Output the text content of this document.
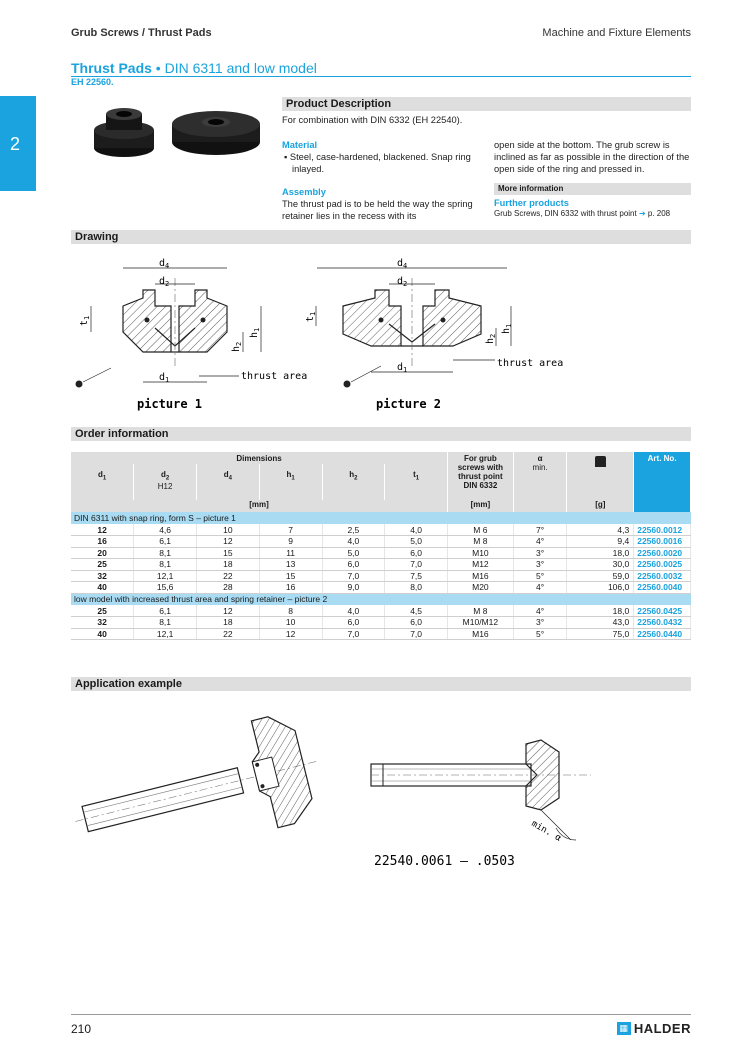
Grub Screws / Thrust Pads	Machine and Fixture Elements
2
Thrust Pads • DIN 6311 and low model
EH 22560.
Product Description
For combination with DIN 6332 (EH 22540).
Material
▪ Steel, case-hardened, blackened. Snap ring inlayed.
Assembly
The thrust pad is to be held the way the spring retainer lies in the recess with its
open side at the bottom. The grub screw is inclined as far as possible in the direction of the open side of the ring and pressed in.
More information
Further products
Grub Screws, DIN 6332 with thrust point ➔ p. 208
Drawing
$d_4$
$d_2$
$d_1$
$t_1$
$h_2$
$h_1$
thrust area
picture 1
$d_4$
$d_2$
$d_1$
$t_1$
$h_2$
$h_1$
thrust area
picture 2
Order information
Dimensions						For grub screws with thrust point DIN 6332	α
min.		Art. No.
$d_1$	$d_2$
H12	$d_4$	$h_1$	$h_2$	$t_1$
[mm]						[mm]		[g]	
DIN 6311 with snap ring, form S – picture 1									
12	4,6	10	7	2,5	4,0	M 6	7°	4,3	22560.0012
16	6,1	12	9	4,0	5,0	M 8	4°	9,4	22560.0016
20	8,1	15	11	5,0	6,0	M10	3°	18,0	22560.0020
25	8,1	18	13	6,0	7,0	M12	3°	30,0	22560.0025
32	12,1	22	15	7,0	7,5	M16	5°	59,0	22560.0032
40	15,6	28	16	9,0	8,0	M20	4°	106,0	22560.0040
low model with increased thrust area and spring retainer – picture 2									
25	6,1	12	8	4,0	4,5	M 8	4°	18,0	22560.0425
32	8,1	18	10	6,0	6,0	M10/M12	3°	43,0	22560.0432
40	12,1	22	12	7,0	7,0	M16	5°	75,0	22560.0440
Application example
min. α
22540.0061 – .0503
210	▦ HALDER
